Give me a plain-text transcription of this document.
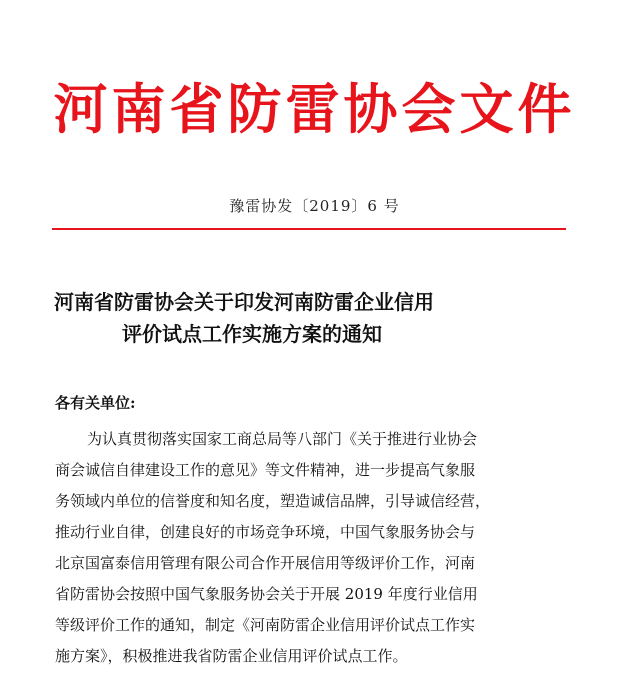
河南省防雷协会文件
豫雷协发〔2019〕6 号
河南省防雷协会关于印发河南防雷企业信用
评价试点工作实施方案的通知
各有关单位:
为认真贯彻落实国家工商总局等八部门《关于推进行业协会
商会诚信自律建设工作的意见》等文件精神，进一步提高气象服
务领域内单位的信誉度和知名度，塑造诚信品牌，引导诚信经营，
推动行业自律，创建良好的市场竞争环境，中国气象服务协会与
北京国富泰信用管理有限公司合作开展信用等级评价工作，河南
省防雷协会按照中国气象服务协会关于开展 2019 年度行业信用
等级评价工作的通知，制定《河南防雷企业信用评价试点工作实
施方案》，积极推进我省防雷企业信用评价试点工作。
